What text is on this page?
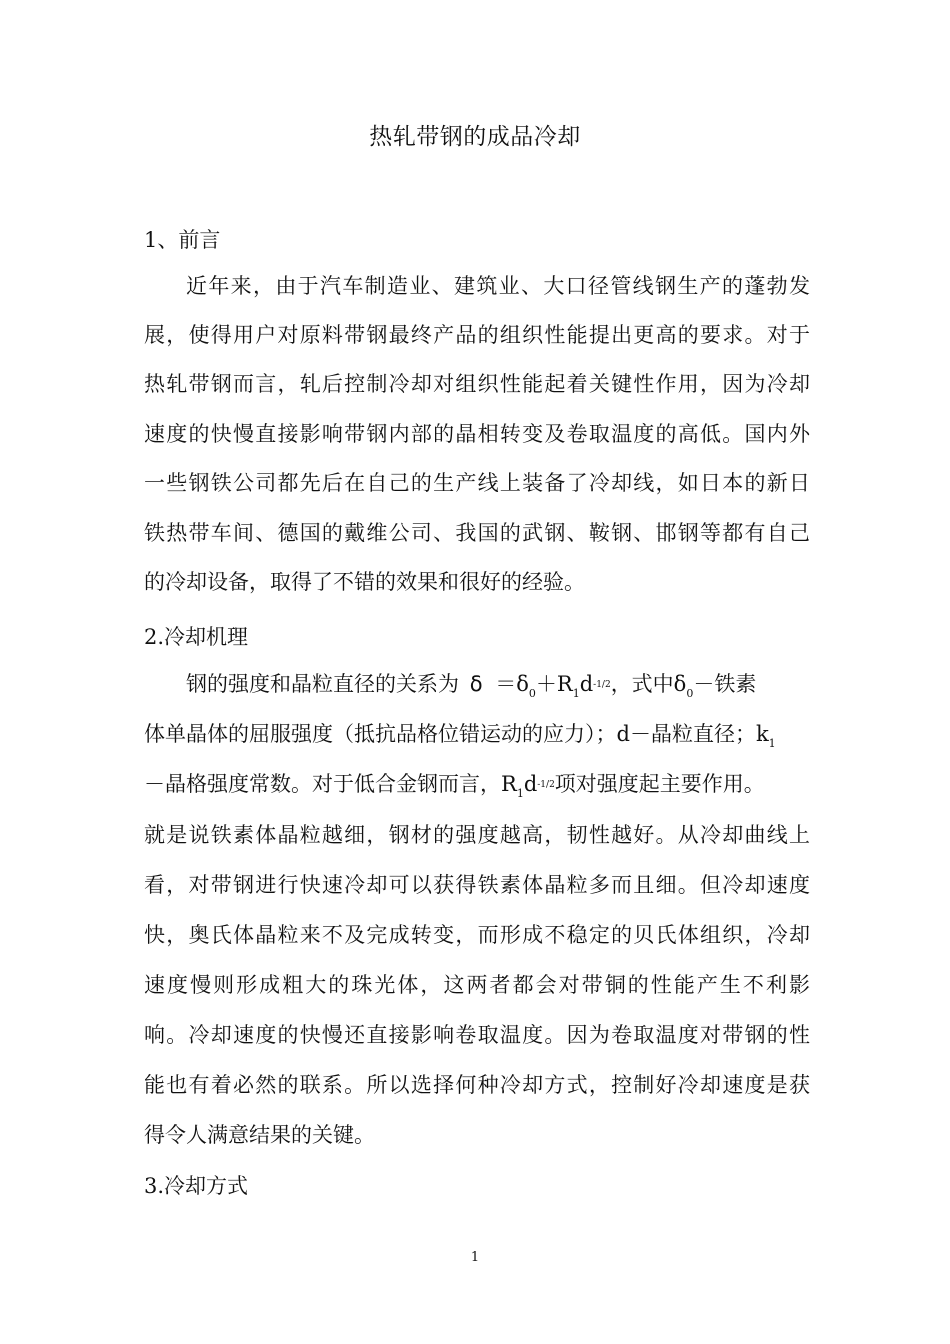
热轧带钢的成品冷却
1、前言
近年来，由于汽车制造业、建筑业、大口径管线钢生产的蓬勃发
展，使得用户对原料带钢最终产品的组织性能提出更高的要求。对于
热轧带钢而言，轧后控制冷却对组织性能起着关键性作用，因为冷却
速度的快慢直接影响带钢内部的晶相转变及卷取温度的高低。国内外
一些钢铁公司都先后在自己的生产线上装备了冷却线，如日本的新日
铁热带车间、德国的戴维公司、我国的武钢、鞍钢、邯钢等都有自己
的冷却设备，取得了不错的效果和很好的经验。
2.冷却机理
钢的强度和晶粒直径的关系为 $\delta =\delta_0+R_1d-1/2$，式中$\delta_0-$铁素
体单晶体的屈服强度（抵抗品格位错运动的应力）；d－晶粒直径；$k_1$
－晶格强度常数。对于低合金钢而言，$R_1d-1/2$项对强度起主要作用。
就是说铁素体晶粒越细，钢材的强度越高，韧性越好。从冷却曲线上
看，对带钢进行快速冷却可以获得铁素体晶粒多而且细。但冷却速度
快，奥氏体晶粒来不及完成转变，而形成不稳定的贝氏体组织，冷却
速度慢则形成粗大的珠光体，这两者都会对带铜的性能产生不利影
响。冷却速度的快慢还直接影响卷取温度。因为卷取温度对带钢的性
能也有着必然的联系。所以选择何种冷却方式，控制好冷却速度是获
得令人满意结果的关键。
3.冷却方式
1
